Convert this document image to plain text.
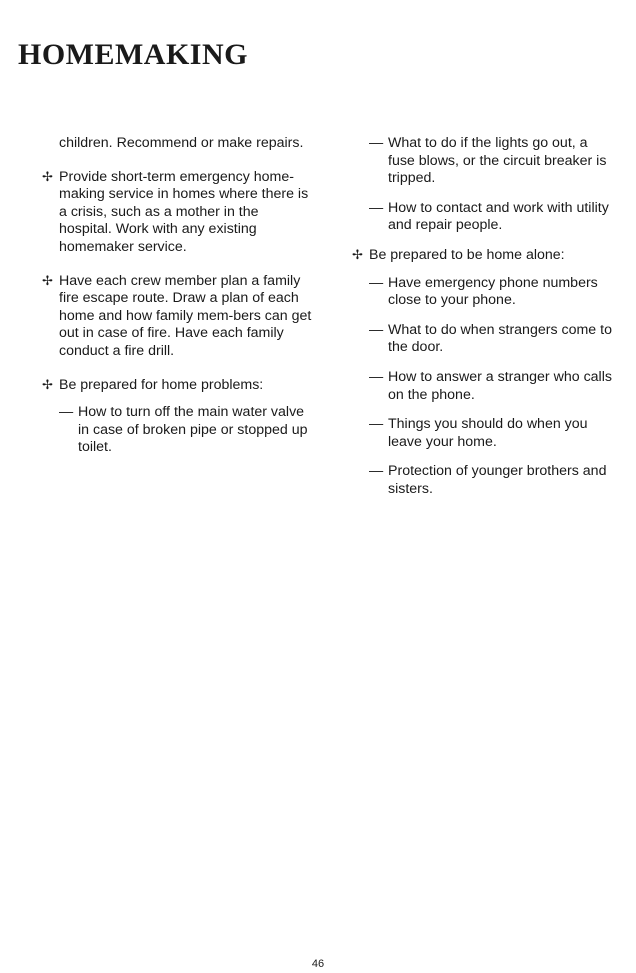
HOMEMAKING
children. Recommend or make repairs.
✢ Provide short-term emergency home-making service in homes where there is a crisis, such as a mother in the hospital. Work with any existing homemaker service.
✢ Have each crew member plan a family fire escape route. Draw a plan of each home and how family mem-bers can get out in case of fire. Have each family conduct a fire drill.
✢ Be prepared for home problems:
— How to turn off the main water valve in case of broken pipe or stopped up toilet.
— What to do if the lights go out, a fuse blows, or the circuit breaker is tripped.
— How to contact and work with utility and repair people.
✢ Be prepared to be home alone:
— Have emergency phone numbers close to your phone.
— What to do when strangers come to the door.
— How to answer a stranger who calls on the phone.
— Things you should do when you leave your home.
— Protection of younger brothers and sisters.
46
